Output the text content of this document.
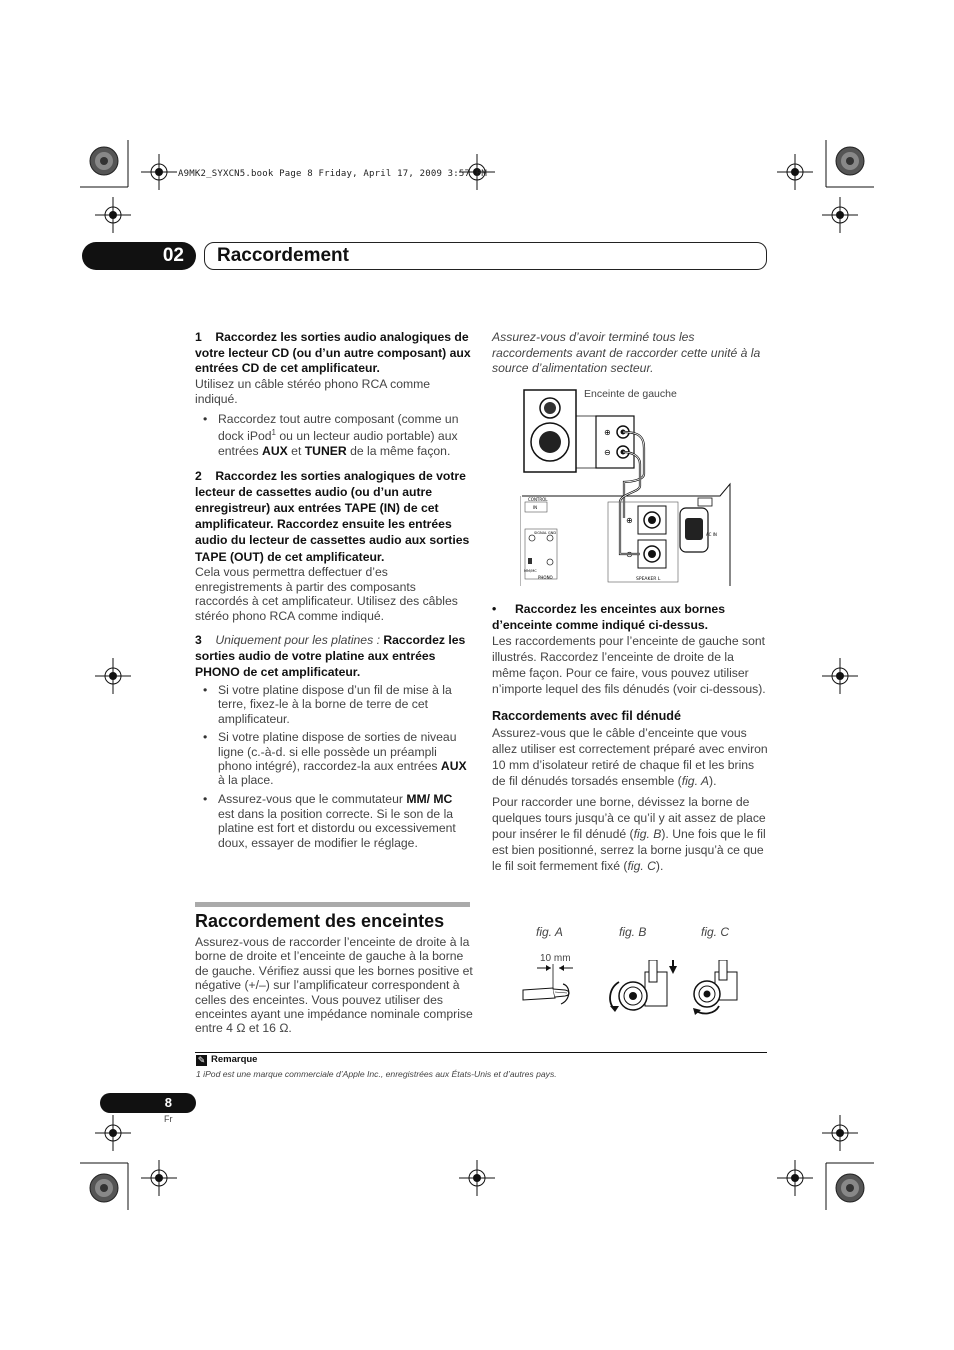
A9MK2_SYXCN5.book Page 8 Friday, April 17, 2009 3:57 PM
02	Raccordement

1 Raccordez les sorties audio analogiques de votre lecteur CD (ou d’un autre composant) aux entrées CD de cet amplificateur.

Utilisez un câble stéréo phono RCA comme indiqué.

• Raccordez tout autre composant (comme un dock iPod$^1$ ou un lecteur audio portable) aux entrées AUX et TUNER de la même façon.

2 Raccordez les sorties analogiques de votre lecteur de cassettes audio (ou d’un autre enregistreur) aux entrées TAPE (IN) de cet amplificateur. Raccordez ensuite les entrées audio du lecteur de cassettes audio aux sorties TAPE (OUT) de cet amplificateur.

Cela vous permettra deffectuer d’es enregistrements à partir des composants raccordés à cet amplificateur. Utilisez des câbles stéréo phono RCA comme indiqué.

3 Uniquement pour les platines : Raccordez les sorties audio de votre platine aux entrées PHONO de cet amplificateur.

• Si votre platine dispose d’un fil de mise à la terre, fixez-le à la borne de terre de cet amplificateur.

• Si votre platine dispose de sorties de niveau ligne (c.-à-d. si elle possède un préampli phono intégré), raccordez-la aux entrées AUX à la place.

• Assurez-vous que le commutateur MM/ MC est dans la position correcte. Si le son de la platine est fort et distordu ou excessivement doux, essayer de modifier le réglage.

Raccordement des enceintes
Assurez-vous de raccorder l’enceinte de droite à la borne de droite et l’enceinte de gauche à la borne de gauche. Vérifiez aussi que les bornes positive et négative (+/–) sur l’amplificateur correspondent à celles des enceintes. Vous pouvez utiliser des enceintes ayant une impédance nominale comprise entre 4 Ω et 16 Ω.
Assurez-vous d’avoir terminé tous les raccordements avant de raccorder cette unité à la source d’alimentation secteur.
⊕
⊖
CONTROL
IN
SIGNAL GND
PHONO
MM/MC
⊕
⊖
SPEAKER L
AC IN
Enceinte de gauche

• Raccordez les enceintes aux bornes d’enceinte comme indiqué ci-dessus.

Les raccordements pour l’enceinte de gauche sont illustrés. Raccordez l’enceinte de droite de la même façon. Pour ce faire, vous pouvez utiliser n’importe lequel des fils dénudés (voir ci-dessous).

Raccordements avec fil dénudé

Assurez-vous que le câble d’enceinte que vous allez utiliser est correctement préparé avec environ 10 mm d’isolateur retiré de chaque fil et les brins de fil dénudés torsadés ensemble (fig. A).

Pour raccorder une borne, dévissez la borne de quelques tours jusqu’à ce qu’il y ait assez de place pour insérer le fil dénudé (fig. B). Une fois que le fil est bien positionné, serrez la borne jusqu’à ce que le fil soit fermement fixé (fig. C).

fig. A	fig. B	fig. C
10 mm
✎ Remarque
1 iPod est une marque commerciale d’Apple Inc., enregistrées aux États-Unis et d’autres pays.
8
Fr
